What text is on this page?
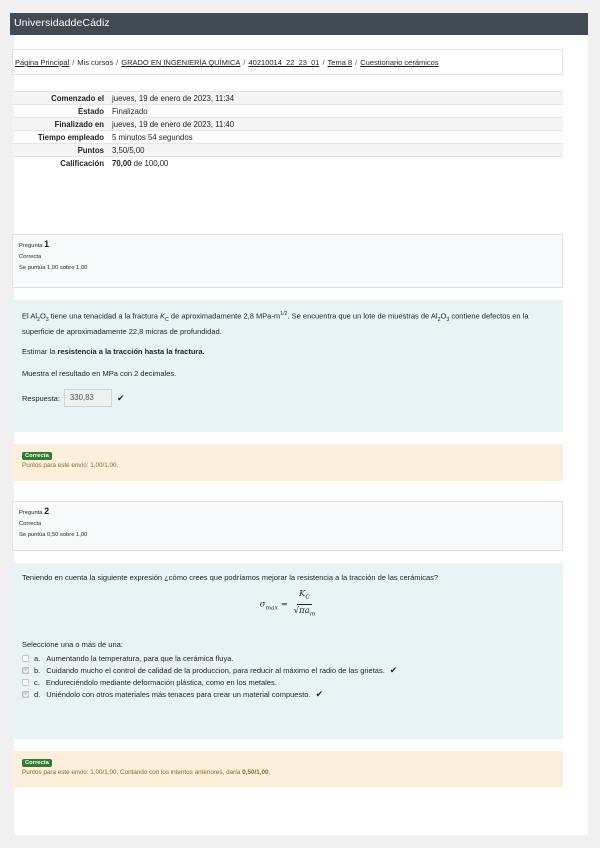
UniversidaddeCádiz
Página Principal / Mis cursos / GRADO EN INGENIERÍA QUÍMICA / 40210014_22_23_01 / Tema 8 / Cuestionario cerámicos
Comenzado el	jueves, 19 de enero de 2023, 11:34
Estado	Finalizado
Finalizado en	jueves, 19 de enero de 2023, 11:40
Tiempo empleado	5 minutos 54 segundos
Puntos	3,50/5,00
Calificación	70,00 de 100,00
Pregunta 1
Correcta
Se puntúa 1,00 sobre 1,00
El $Al_2O_3$ tiene una tenacidad a la fractura $K_C$ de aproximadamente 2,8 MPa-$m^{1/2}$. Se encuentra que un lote de muestras de $Al_2O_3$ contiene defectos en la superficie de aproximadamente 22,8 micras de profundidad.
Estimar la resistencia a la tracción hasta la fractura.
Muestra el resultado en MPa con 2 decimales.
Respuesta:	330,83	✔
Correcta
Puntos para este envío: 1,00/1,00.
Pregunta 2
Correcta
Se puntúa 0,50 sobre 1,00
Teniendo en cuenta la siguiente expresión ¿cómo crees que podríamos mejorar la resistencia a la tracción de las cerámicas?
$\sigma_{max} = \frac{K_C}{√\pi a_m}$
Seleccione una o más de una:
a. Aumentando la temperatura, para que la cerámica fluya.
b. Cuidando mucho el control de calidad de la produccion, para reducir al máximo el radio de las grietas. ✔
c. Endureciéndolo mediante deformación plástica, como en los metales.
d. Uniéndolo con otros materiales más tenaces para crear un material compuesto. ✔
Correcta
Puntos para este envío: 1,00/1,00. Contando con los intentos anteriores, daría 0,50/1,00.
